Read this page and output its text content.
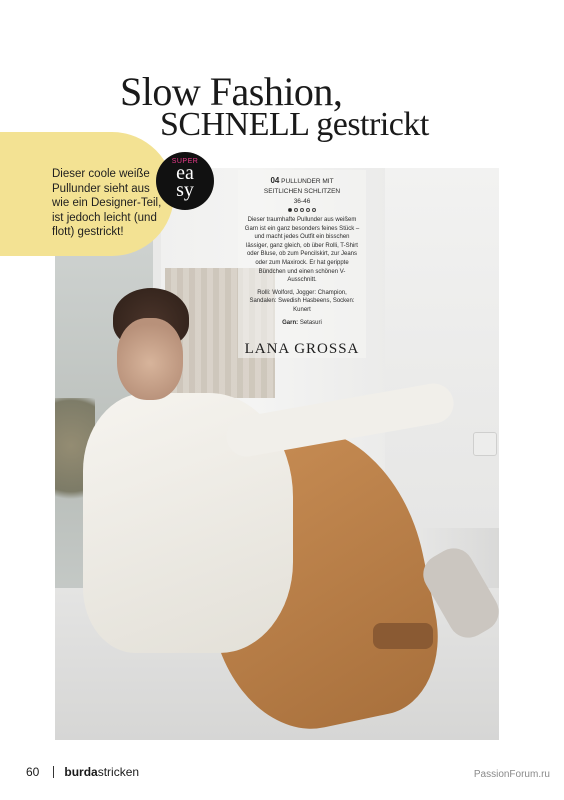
Slow Fashion,
SCHNELL gestrickt
04 PULLUNDER MIT
SEITLICHEN SCHLITZEN
36-46

Dieser traumhafte Pullunder aus weißem Garn ist ein ganz besonders feines Stück – und macht jedes Outfit ein bisschen lässiger, ganz gleich, ob über Rolli, T-Shirt oder Bluse, ob zum Pencilskirt, zur Jeans oder zum Maxirock. Er hat gerippte Bündchen und einen schönen V-Ausschnitt.

Rolli: Wolford, Jogger: Champion, Sandalen: Swedish Hasbeens, Socken: Kunert

Garn: Setasuri

LANA GROSSA
Dieser coole weiße Pullunder sieht aus wie ein Designer-Teil, ist jedoch leicht (und flott) gestrickt!
SUPER
ea
sy
60 burda stricken	PassionForum.ru
